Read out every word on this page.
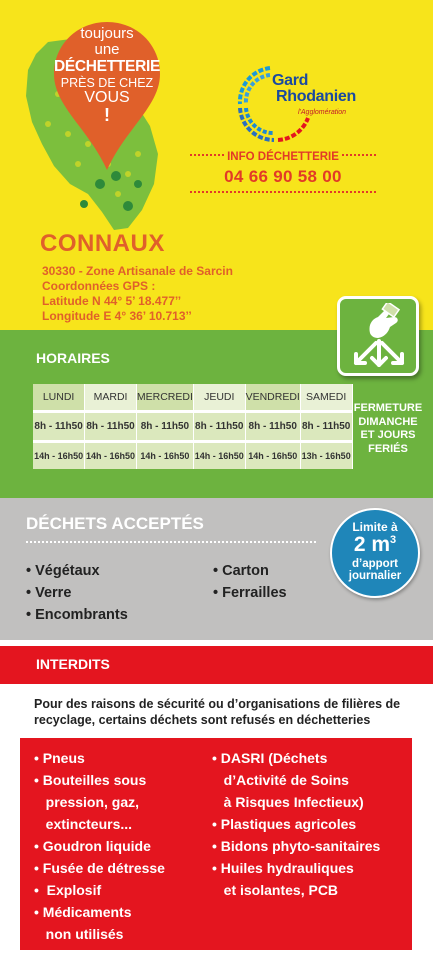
toujours
une
DÉCHETTERIE
PRÈS DE CHEZ
VOUS
!
Gard
Rhodanien
l'Agglomération
INFO DÉCHETTERIE
04 66 90 58 00
CONNAUX
30330 - Zone Artisanale de Sarcin
Coordonnées GPS :
Latitude N 44° 5’ 18.477’’
Longitude E 4° 36’ 10.713’’
HORAIRES
LUNDI	MARDI	MERCREDI	JEUDI	VENDREDI	SAMEDI
8h - 11h50	8h - 11h50	8h - 11h50	8h - 11h50	8h - 11h50	8h - 11h50
14h - 16h50	14h - 16h50	14h - 16h50	14h - 16h50	14h - 16h50	13h - 16h50
FERMETURE
DIMANCHE
ET JOURS
FERIÉS
DÉCHETS ACCEPTÉS
• Végétaux
• Verre
• Encombrants
• Carton
• Ferrailles
Limite à
2 $m^3$
d’apport
journalier
INTERDITS
Pour des raisons de sécurité ou d’organisations de filières de
recyclage, certains déchets sont refusés en déchetteries
• Pneus
• Bouteilles sous
pression, gaz,
extincteurs...
• Goudron liquide
• Fusée de détresse
•  Explosif
• Médicaments
non utilisés
• DASRI (Déchets
d’Activité de Soins
à Risques Infectieux)
• Plastiques agricoles
• Bidons phyto-sanitaires
• Huiles hydrauliques
et isolantes, PCB
